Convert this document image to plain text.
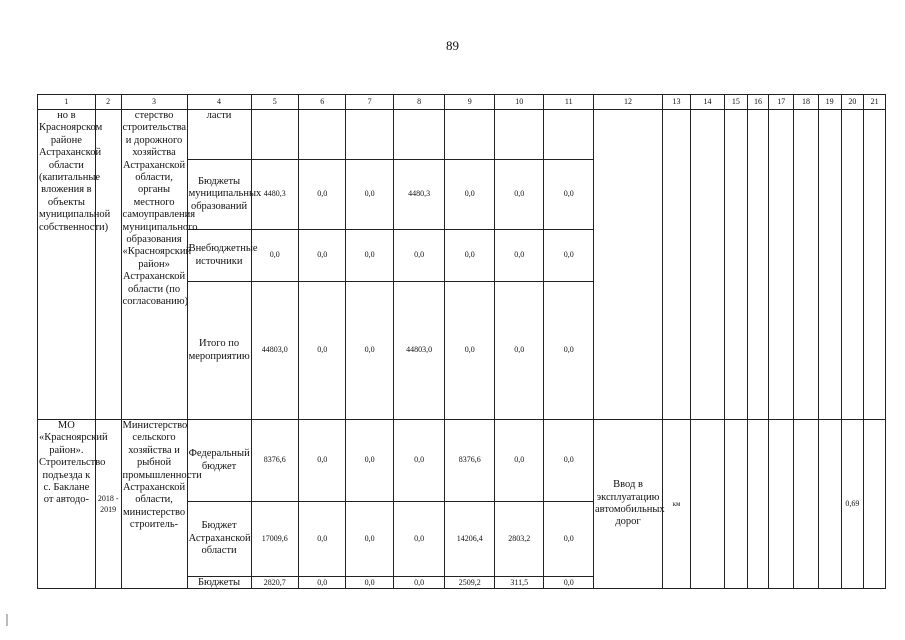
89
1	2	3	4	5	6	7	8	9	10	11	12	13	14	15	16	17	18	19	20	21
но в Красноярском районе Астраханской области (капитальные вложения в объекты муниципальной собственности)		стерство строительства и дорожного хозяйства Астраханской области, органы местного самоуправления муниципального образования «Красноярский район» Астраханской области (по согласованию)	ласти																	
			Бюджеты муниципальных образований	4480,3	0,0	0,0	4480,3	0,0	0,0	0,0										
			Внебюджетные источники	0,0	0,0	0,0	0,0	0,0	0,0	0,0										
			Итого по мероприятию	44803,0	0,0	0,0	44803,0	0,0	0,0	0,0										
МО «Красноярский район». Строительство подъезда к с. Баклане от автодо-	2018 - 2019	Министерство сельского хозяйства и рыбной промышленности Астраханской области, министерство строитель-	Федеральный бюджет	8376,6	0,0	0,0	0,0	8376,6	0,0	0,0	Ввод в эксплуатацию автомобильных дорог	км							0,69	
			Бюджет Астраханской области	17009,6	0,0	0,0	0,0	14206,4	2803,2	0,0										
			Бюджеты	2820,7	0,0	0,0	0,0	2509,2	311,5	0,0										
